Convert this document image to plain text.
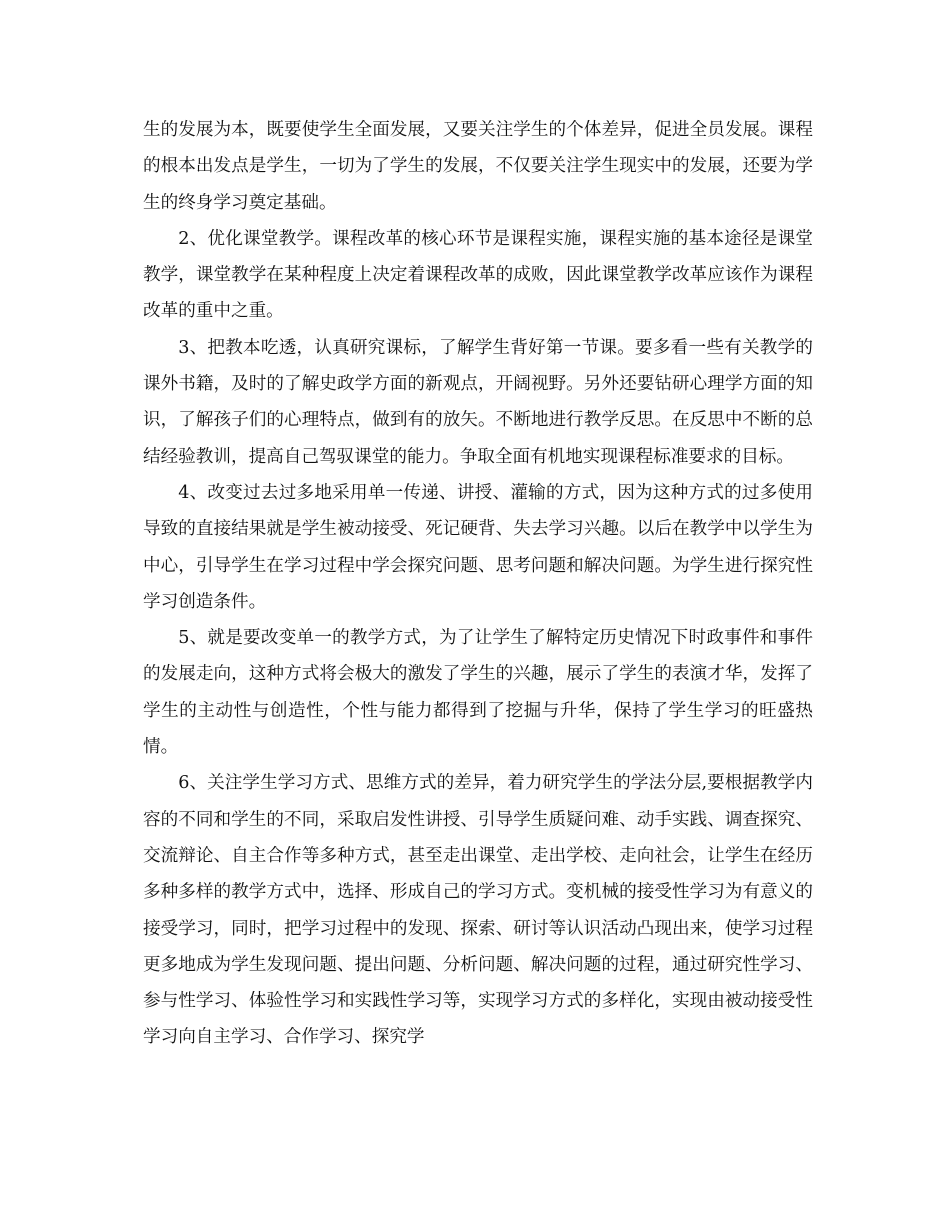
生的发展为本，既要使学生全面发展，又要关注学生的个体差异，促进全员发展。课程的根本出发点是学生，一切为了学生的发展，不仅要关注学生现实中的发展，还要为学生的终身学习奠定基础。

2、优化课堂教学。课程改革的核心环节是课程实施，课程实施的基本途径是课堂教学，课堂教学在某种程度上决定着课程改革的成败，因此课堂教学改革应该作为课程改革的重中之重。

3、把教本吃透，认真研究课标，了解学生背好第一节课。要多看一些有关教学的课外书籍，及时的了解史政学方面的新观点，开阔视野。另外还要钻研心理学方面的知识，了解孩子们的心理特点，做到有的放矢。不断地进行教学反思。在反思中不断的总结经验教训，提高自己驾驭课堂的能力。争取全面有机地实现课程标准要求的目标。

4、改变过去过多地采用单一传递、讲授、灌输的方式，因为这种方式的过多使用导致的直接结果就是学生被动接受、死记硬背、失去学习兴趣。以后在教学中以学生为中心，引导学生在学习过程中学会探究问题、思考问题和解决问题。为学生进行探究性学习创造条件。

5、就是要改变单一的教学方式，为了让学生了解特定历史情况下时政事件和事件的发展走向，这种方式将会极大的激发了学生的兴趣，展示了学生的表演才华，发挥了学生的主动性与创造性，个性与能力都得到了挖掘与升华，保持了学生学习的旺盛热情。

6、关注学生学习方式、思维方式的差异，着力研究学生的学法分层,要根据教学内容的不同和学生的不同，采取启发性讲授、引导学生质疑问难、动手实践、调查探究、交流辩论、自主合作等多种方式，甚至走出课堂、走出学校、走向社会，让学生在经历多种多样的教学方式中，选择、形成自己的学习方式。变机械的接受性学习为有意义的接受学习，同时，把学习过程中的发现、探索、研讨等认识活动凸现出来，使学习过程更多地成为学生发现问题、提出问题、分析问题、解决问题的过程，通过研究性学习、参与性学习、体验性学习和实践性学习等，实现学习方式的多样化，实现由被动接受性学习向自主学习、合作学习、探究学
